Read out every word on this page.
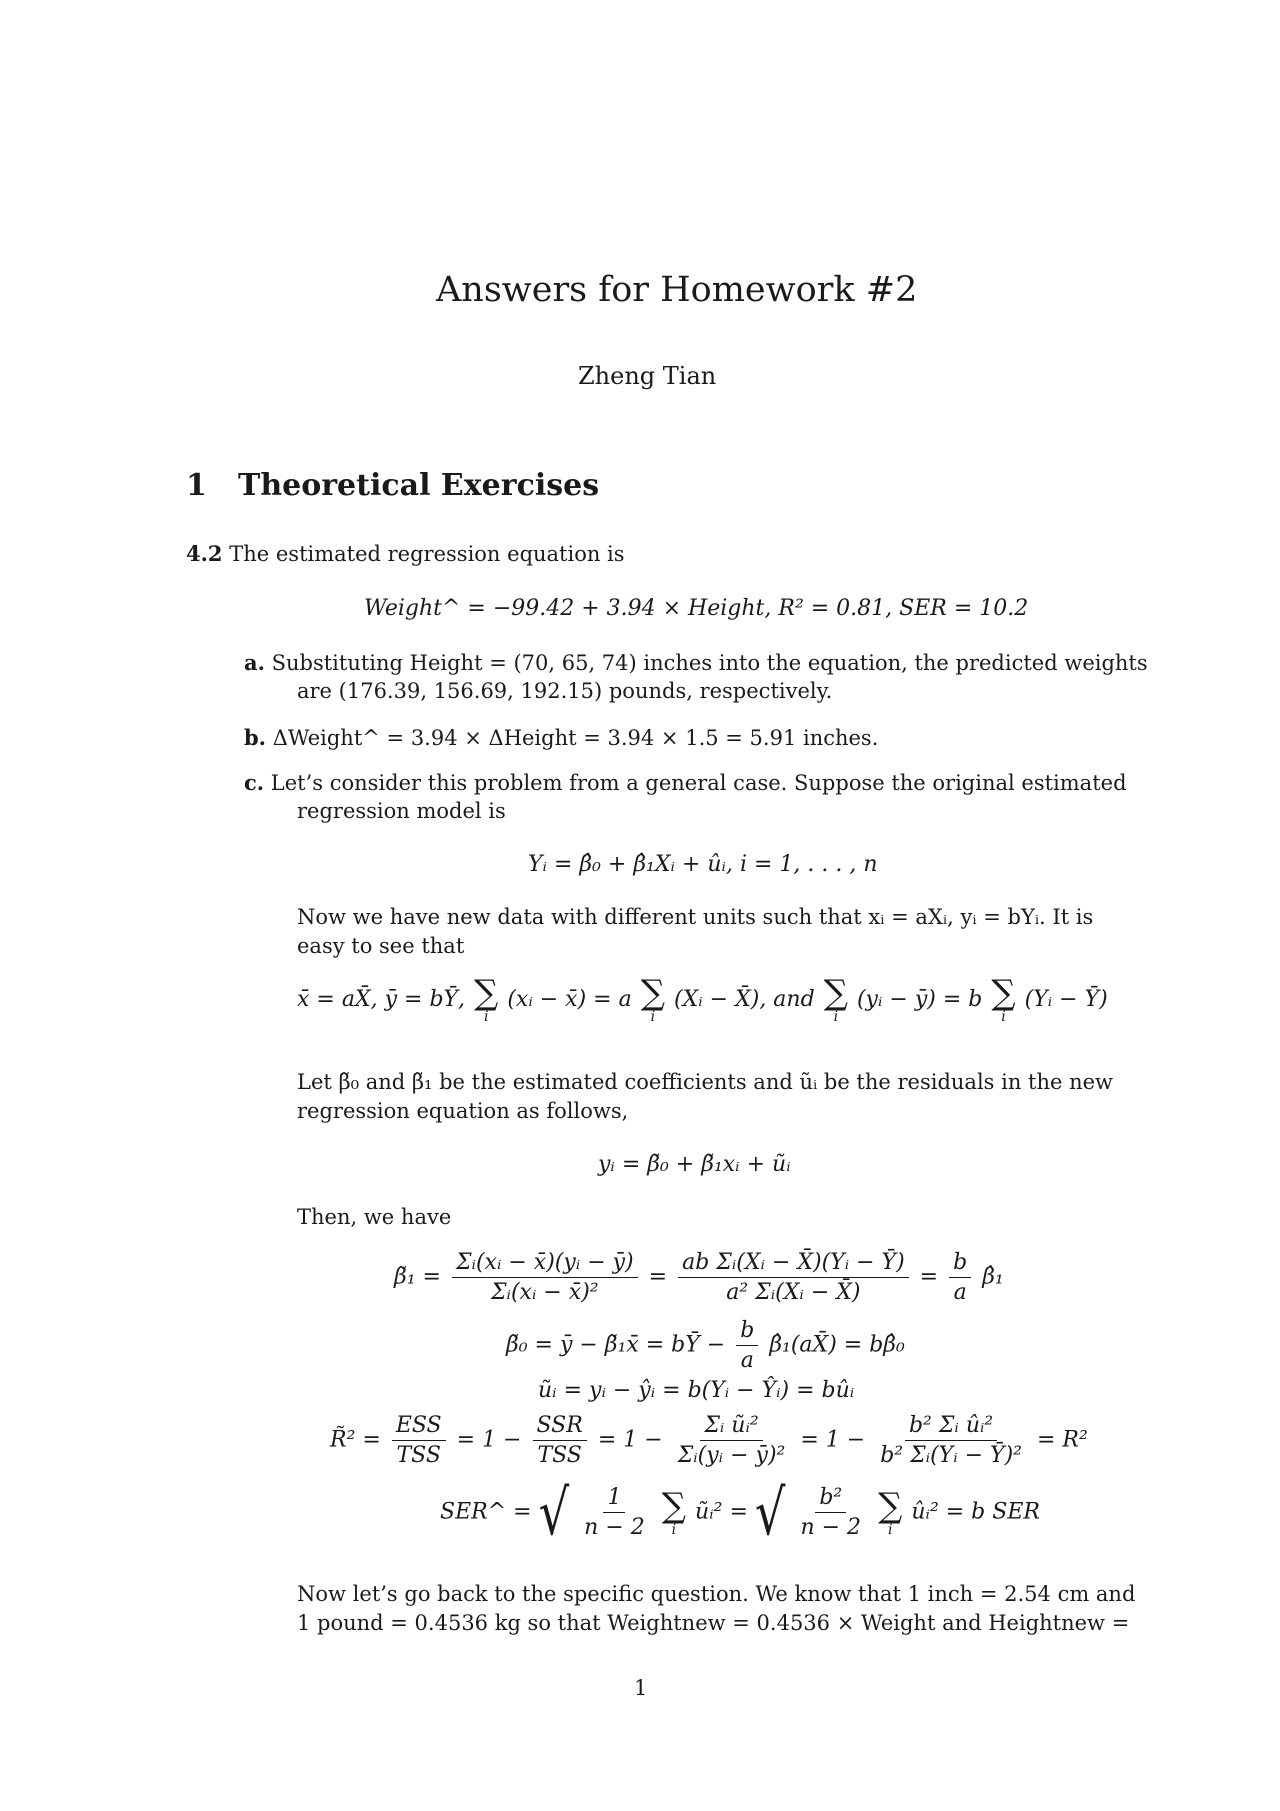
Answers for Homework #2
Zheng Tian
1 Theoretical Exercises
4.2 The estimated regression equation is
Weight^ = −99.42 + 3.94 × Height, R² = 0.81, SER = 10.2
a. Substituting Height = (70, 65, 74) inches into the equation, the predicted weights
are (176.39, 156.69, 192.15) pounds, respectively.
b. ΔWeight^ = 3.94 × ΔHeight = 3.94 × 1.5 = 5.91 inches.
c. Let’s consider this problem from a general case. Suppose the original estimated
regression model is
Yᵢ = β̂₀ + β̂₁Xᵢ + ûᵢ, i = 1, . . . , n
Now we have new data with different units such that xᵢ = aXᵢ, yᵢ = bYᵢ. It is
easy to see that
x̄ = aX̄, ȳ = bȲ, ∑
i
(xᵢ − x̄) = a ∑
i
(Xᵢ − X̄), and ∑
i
(yᵢ − ȳ) = b ∑
i
(Yᵢ − Ȳ)
Let β̃₀ and β̃₁ be the estimated coefficients and ũᵢ be the residuals in the new
regression equation as follows,
yᵢ = β̃₀ + β̃₁xᵢ + ũᵢ
Then, we have
β̃₁ = $\frac{\text{Σᵢ(xᵢ − x̄)(yᵢ − ȳ)}}{\text{Σᵢ(xᵢ − x̄)²}} = \frac{\text{ab Σᵢ(Xᵢ − X̄)(Yᵢ − Ȳ)}}{\text{a² Σᵢ(Xᵢ − X̄)}} = \frac{b}{a}$ β̂₁
β̃₀ = ȳ − β̃₁x̄ = bȲ − $\frac{b}{a}$ β̂₁(aX̄) = bβ̂₀
ũᵢ = yᵢ − ŷᵢ = b(Yᵢ − Ŷᵢ) = bûᵢ
R̃² = $\frac{\text{ESS}}{\text{TSS}} = 1 - \frac{\text{SSR}}{\text{TSS}} = 1 - \frac{\text{Σᵢ ũᵢ²}}{\text{Σᵢ(yᵢ − ȳ)²}} = 1 - \frac{\text{b² Σᵢ ûᵢ²}}{\text{b² Σᵢ(Yᵢ − Ȳ)²}} = R^2$
SER^ = √ $\frac{1}{n - 2}$
∑
i
ũᵢ² = √ $\frac{\text{b²}}{n - 2}$
∑
i
ûᵢ² = b SER
Now let’s go back to the specific question. We know that 1 inch = 2.54 cm and
1 pound = 0.4536 kg so that Weightnew = 0.4536 × Weight and Heightnew =
1
